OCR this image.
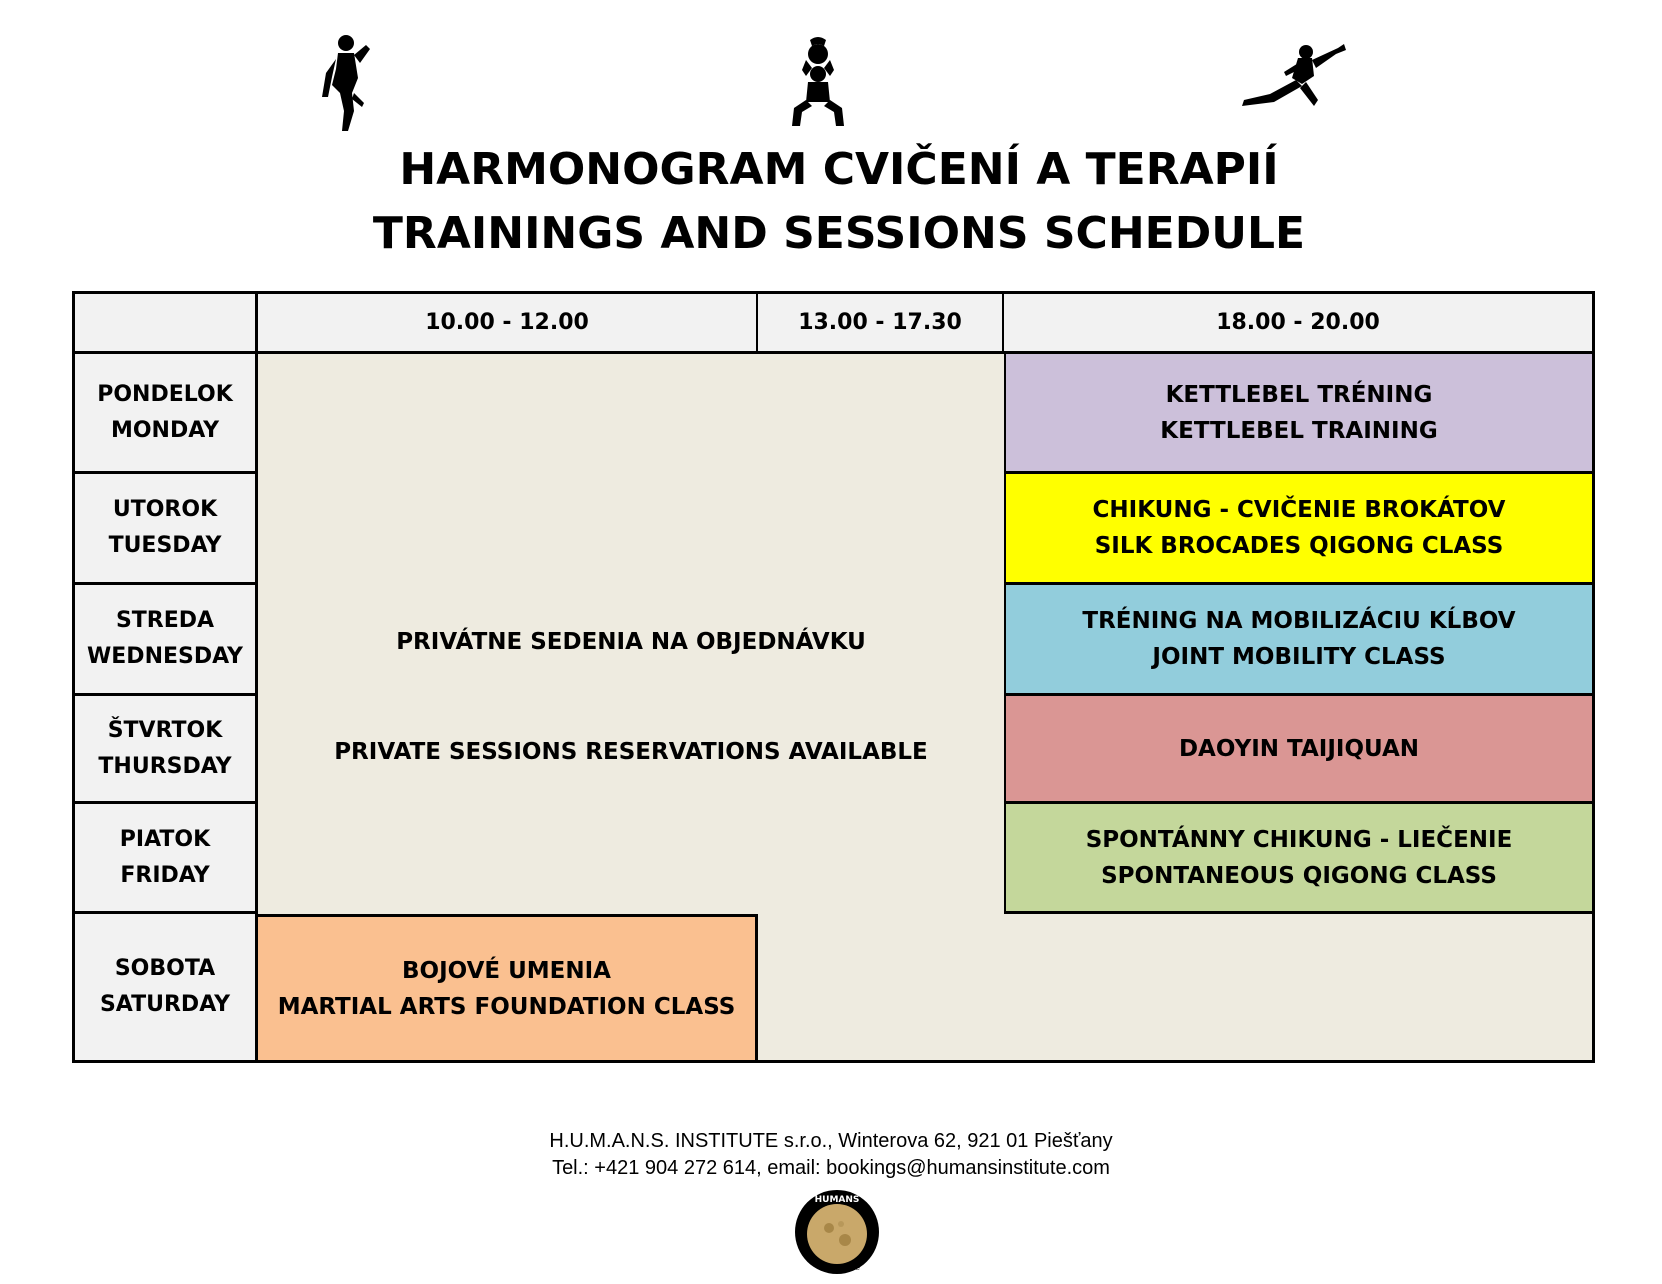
HARMONOGRAM CVIČENÍ A TERAPIÍ
TRAININGS AND SESSIONS SCHEDULE
10.00 - 12.00	13.00 - 17.30	18.00 - 20.00
PONDELOK
MONDAY
UTOROK
TUESDAY
STREDA
WEDNESDAY
ŠTVRTOK
THURSDAY
PIATOK
FRIDAY
SOBOTA
SATURDAY
PRIVÁTNE SEDENIA NA OBJEDNÁVKU
PRIVATE SESSIONS RESERVATIONS AVAILABLE
KETTLEBEL TRÉNING
KETTLEBEL TRAINING
CHIKUNG - CVIČENIE BROKÁTOV
SILK BROCADES QIGONG CLASS
TRÉNING NA MOBILIZÁCIU KĹBOV
JOINT MOBILITY CLASS
DAOYIN TAIJIQUAN
SPONTÁNNY CHIKUNG - LIEČENIE
SPONTANEOUS QIGONG CLASS
BOJOVÉ UMENIA
MARTIAL ARTS FOUNDATION CLASS
H.U.M.A.N.S. INSTITUTE s.r.o., Winterova 62, 921 01 Piešťany
Tel.: +421 904 272 614, email: bookings@humansinstitute.com
HUMANS
institute
